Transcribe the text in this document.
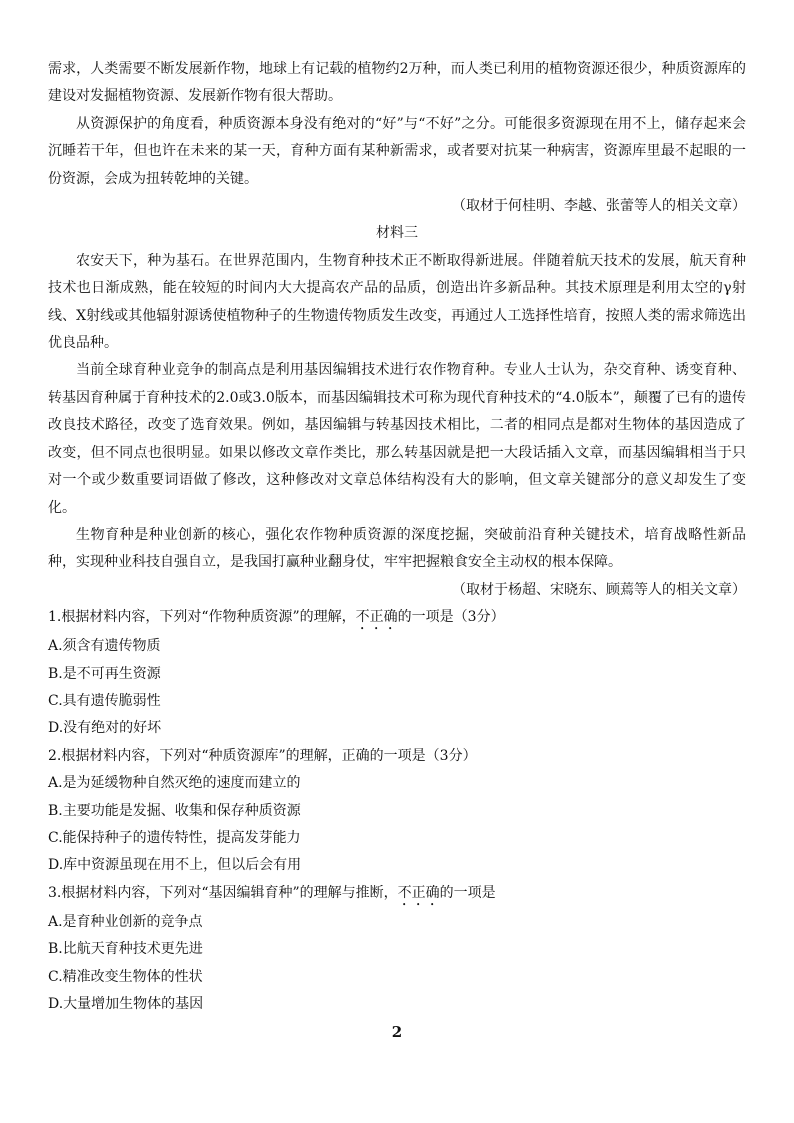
需求，人类需要不断发展新作物，地球上有记载的植物约2万种，而人类已利用的植物资源还很少，种质资源库的建设对发掘植物资源、发展新作物有很大帮助。

从资源保护的角度看，种质资源本身没有绝对的“好”与“不好”之分。可能很多资源现在用不上，储存起来会沉睡若干年，但也许在未来的某一天，育种方面有某种新需求，或者要对抗某一种病害，资源库里最不起眼的一份资源，会成为扭转乾坤的关键。

（取材于何桂明、李越、张蕾等人的相关文章）

材料三

农安天下，种为基石。在世界范围内，生物育种技术正不断取得新进展。伴随着航天技术的发展，航天育种技术也日渐成熟，能在较短的时间内大大提高农产品的品质，创造出许多新品种。其技术原理是利用太空的γ射线、X射线或其他辐射源诱使植物种子的生物遗传物质发生改变，再通过人工选择性培育，按照人类的需求筛选出优良品种。

当前全球育种业竞争的制高点是利用基因编辑技术进行农作物育种。专业人士认为，杂交育种、诱变育种、转基因育种属于育种技术的2.0或3.0版本，而基因编辑技术可称为现代育种技术的“4.0版本”，颠覆了已有的遗传改良技术路径，改变了选育效果。例如，基因编辑与转基因技术相比，二者的相同点是都对生物体的基因造成了改变，但不同点也很明显。如果以修改文章作类比，那么转基因就是把一大段话插入文章，而基因编辑相当于只对一个或少数重要词语做了修改，这种修改对文章总体结构没有大的影响，但文章关键部分的意义却发生了变化。

生物育种是种业创新的核心，强化农作物种质资源的深度挖掘，突破前沿育种关键技术，培育战略性新品种，实现种业科技自强自立，是我国打赢种业翻身仗，牢牢把握粮食安全主动权的根本保障。

（取材于杨超、宋晓东、顾蔫等人的相关文章）

1.根据材料内容，下列对“作物种质资源”的理解，不正确的一项是（3分）

A.须含有遗传物质

B.是不可再生资源

C.具有遗传脆弱性

D.没有绝对的好坏

2.根据材料内容，下列对“种质资源库”的理解，正确的一项是（3分）

A.是为延缓物种自然灭绝的速度而建立的

B.主要功能是发掘、收集和保存种质资源

C.能保持种子的遗传特性，提高发芽能力

D.库中资源虽现在用不上，但以后会有用

3.根据材料内容，下列对“基因编辑育种”的理解与推断，不正确的一项是

A.是育种业创新的竞争点

B.比航天育种技术更先进

C.精准改变生物体的性状

D.大量增加生物体的基因

2
